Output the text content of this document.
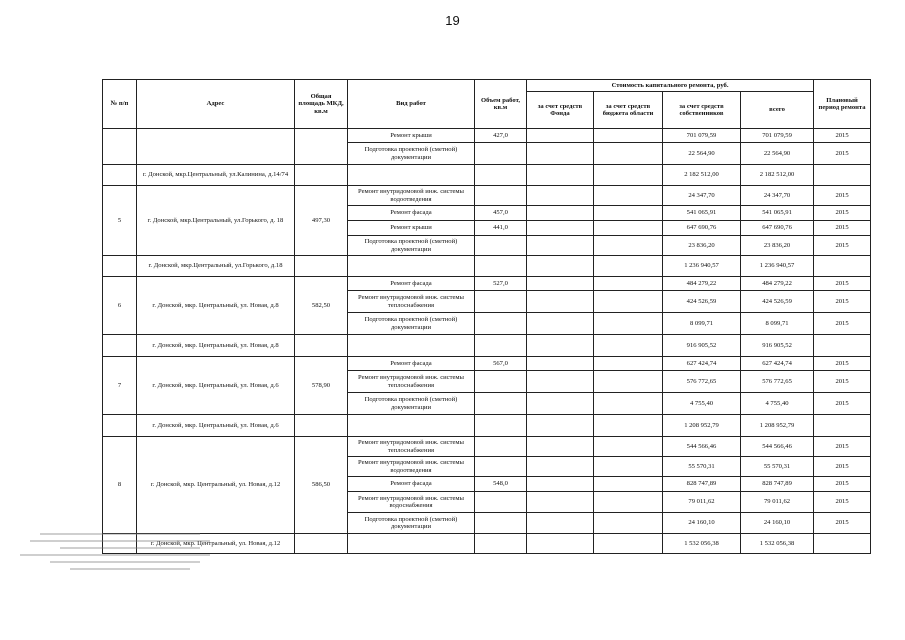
19
№ п/п	Адрес	Общая площадь МКД, кв.м	Вид работ	Объем работ, кв.м	Стоимость капитального ремонта, руб.				Плановый период ремонта
					за счет средств Фонда	за счет средств бюджета области	за счет средств собственников	всего	
			Ремонт крыши	427,0			701 079,59	701 079,59	2015
			Подготовка проектной (сметной) документации				22 564,90	22 564,90	2015
	г. Донской, мкр.Центральный, ул.Калинина, д.14/74						2 182 512,00	2 182 512,00	
5	г. Донской, мкр.Центральный, ул.Горького, д. 18	497,30	Ремонт внутридомовой инж. системы водоотведения				24 347,70	24 347,70	2015
			Ремонт фасада	457,0			541 065,91	541 065,91	2015
			Ремонт крыши	441,0			647 690,76	647 690,76	2015
			Подготовка проектной (сметной) документации				23 836,20	23 836,20	2015
	г. Донской, мкр.Центральный, ул.Горького, д.18						1 236 940,57	1 236 940,57	
6	г. Донской, мкр. Центральный, ул. Новая, д.8	582,50	Ремонт фасада	527,0			484 279,22	484 279,22	2015
			Ремонт внутридомовой инж. системы теплоснабжения				424 526,59	424 526,59	2015
			Подготовка проектной (сметной) документации				8 099,71	8 099,71	2015
	г. Донской, мкр. Центральный, ул. Новая, д.8						916 905,52	916 905,52	
7	г. Донской, мкр. Центральный, ул. Новая, д.6	578,90	Ремонт фасада	567,0			627 424,74	627 424,74	2015
			Ремонт внутридомовой инж. системы теплоснабжения				576 772,65	576 772,65	2015
			Подготовка проектной (сметной) документации				4 755,40	4 755,40	2015
	г. Донской, мкр. Центральный, ул. Новая, д.6						1 208 952,79	1 208 952,79	
8	г. Донской, мкр. Центральный, ул. Новая, д.12	586,50	Ремонт внутридомовой инж. системы теплоснабжения				544 566,46	544 566,46	2015
			Ремонт внутридомовой инж. системы водоотведения				55 570,31	55 570,31	2015
			Ремонт фасада	548,0			828 747,89	828 747,89	2015
			Ремонт внутридомовой инж. системы водоснабжения				79 011,62	79 011,62	2015
			Подготовка проектной (сметной) документации				24 160,10	24 160,10	2015
	г. Донской, мкр. Центральный, ул. Новая, д.12						1 532 056,38	1 532 056,38	
